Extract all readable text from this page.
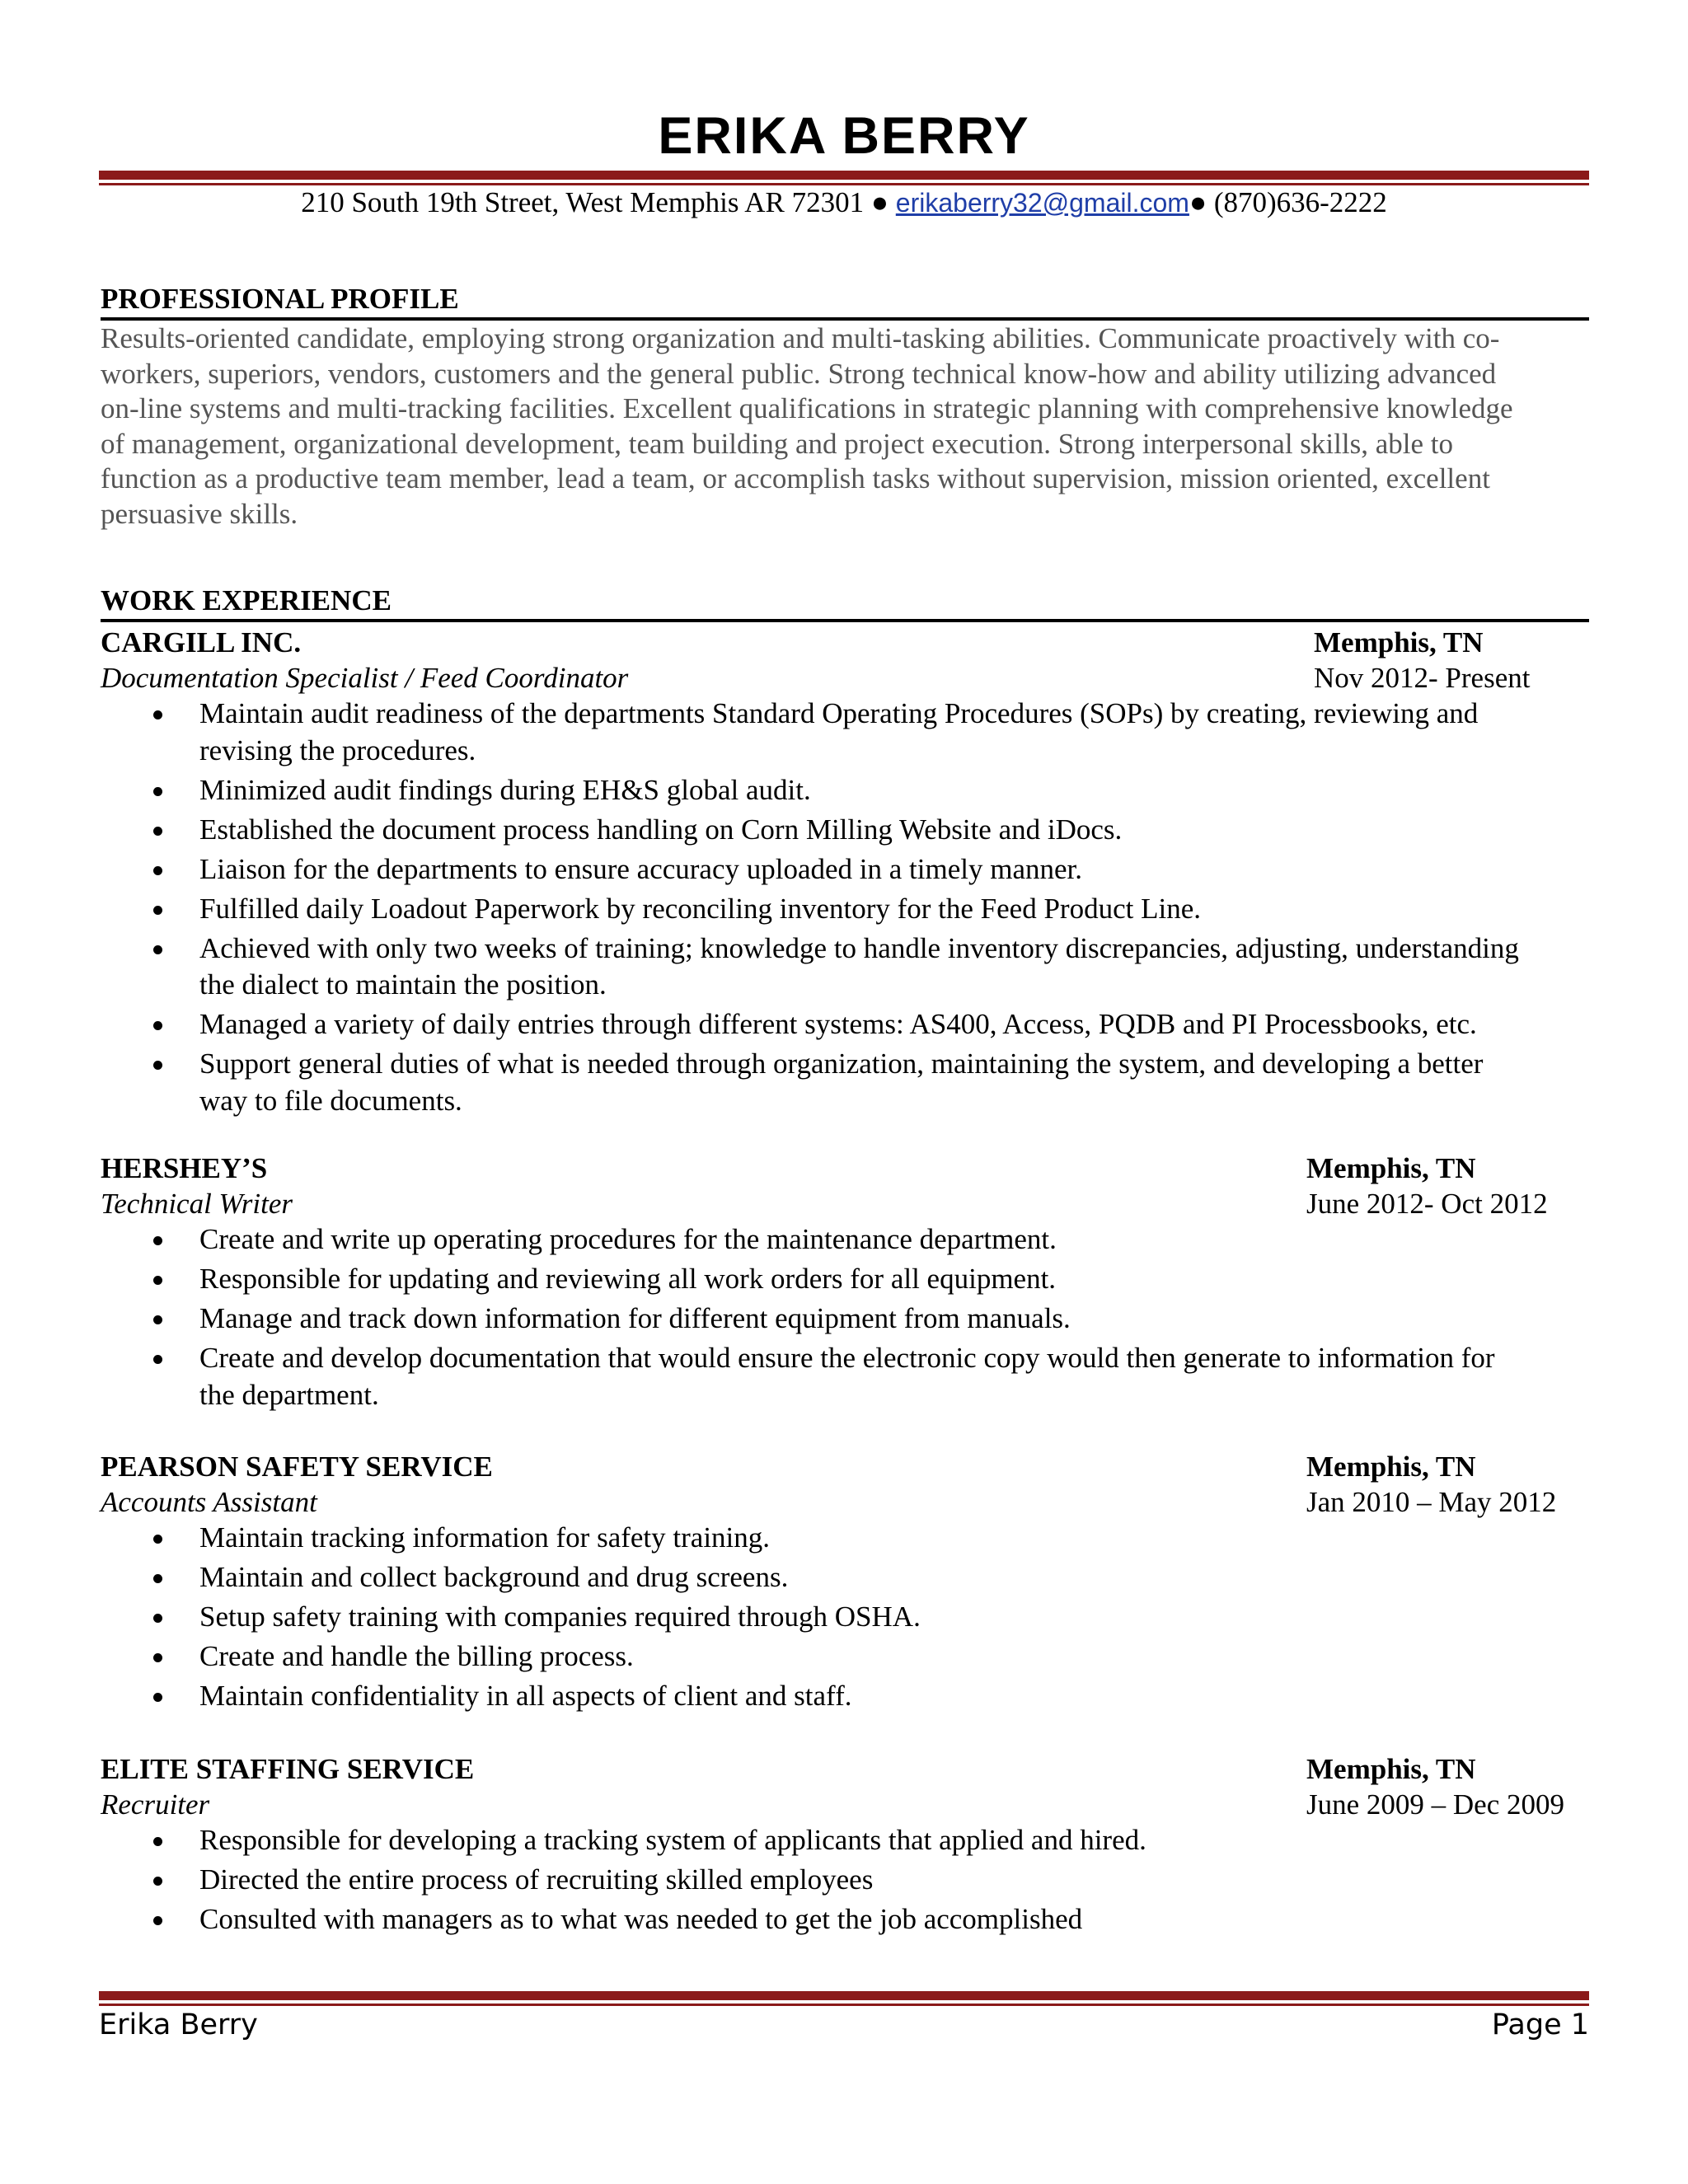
ERIKA BERRY
210 South 19th Street, West Memphis AR 72301 ● erikaberry32@gmail.com● (870)636-2222
PROFESSIONAL PROFILE
Results-oriented candidate, employing strong organization and multi-tasking abilities. Communicate proactively with co-
workers, superiors, vendors, customers and the general public. Strong technical know-how and ability utilizing advanced
on-line systems and multi-tracking facilities. Excellent qualifications in strategic planning with comprehensive knowledge
of management, organizational development, team building and project execution. Strong interpersonal skills, able to
function as a productive team member, lead a team, or accomplish tasks without supervision, mission oriented, excellent
persuasive skills.
WORK EXPERIENCE
CARGILL INC.	Memphis, TN
Documentation Specialist / Feed Coordinator	Nov 2012- Present
Maintain audit readiness of the departments Standard Operating Procedures (SOPs) by creating, reviewing and
revising the procedures.
Minimized audit findings during EH&S global audit.
Established the document process handling on Corn Milling Website and iDocs.
Liaison for the departments to ensure accuracy uploaded in a timely manner.
Fulfilled daily Loadout Paperwork by reconciling inventory for the Feed Product Line.
Achieved with only two weeks of training; knowledge to handle inventory discrepancies, adjusting, understanding
the dialect to maintain the position.
Managed a variety of daily entries through different systems: AS400, Access, PQDB and PI Processbooks, etc.
Support general duties of what is needed through organization, maintaining the system, and developing a better
way to file documents.
HERSHEY’S	Memphis, TN
Technical Writer	June 2012- Oct 2012
Create and write up operating procedures for the maintenance department.
Responsible for updating and reviewing all work orders for all equipment.
Manage and track down information for different equipment from manuals.
Create and develop documentation that would ensure the electronic copy would then generate to information for
the department.
PEARSON SAFETY SERVICE	Memphis, TN
Accounts Assistant	Jan 2010 – May 2012
Maintain tracking information for safety training.
Maintain and collect background and drug screens.
Setup safety training with companies required through OSHA.
Create and handle the billing process.
Maintain confidentiality in all aspects of client and staff.
ELITE STAFFING SERVICE	Memphis, TN
Recruiter	June 2009 – Dec 2009
Responsible for developing a tracking system of applicants that applied and hired.
Directed the entire process of recruiting skilled employees
Consulted with managers as to what was needed to get the job accomplished
Erika Berry	Page 1
